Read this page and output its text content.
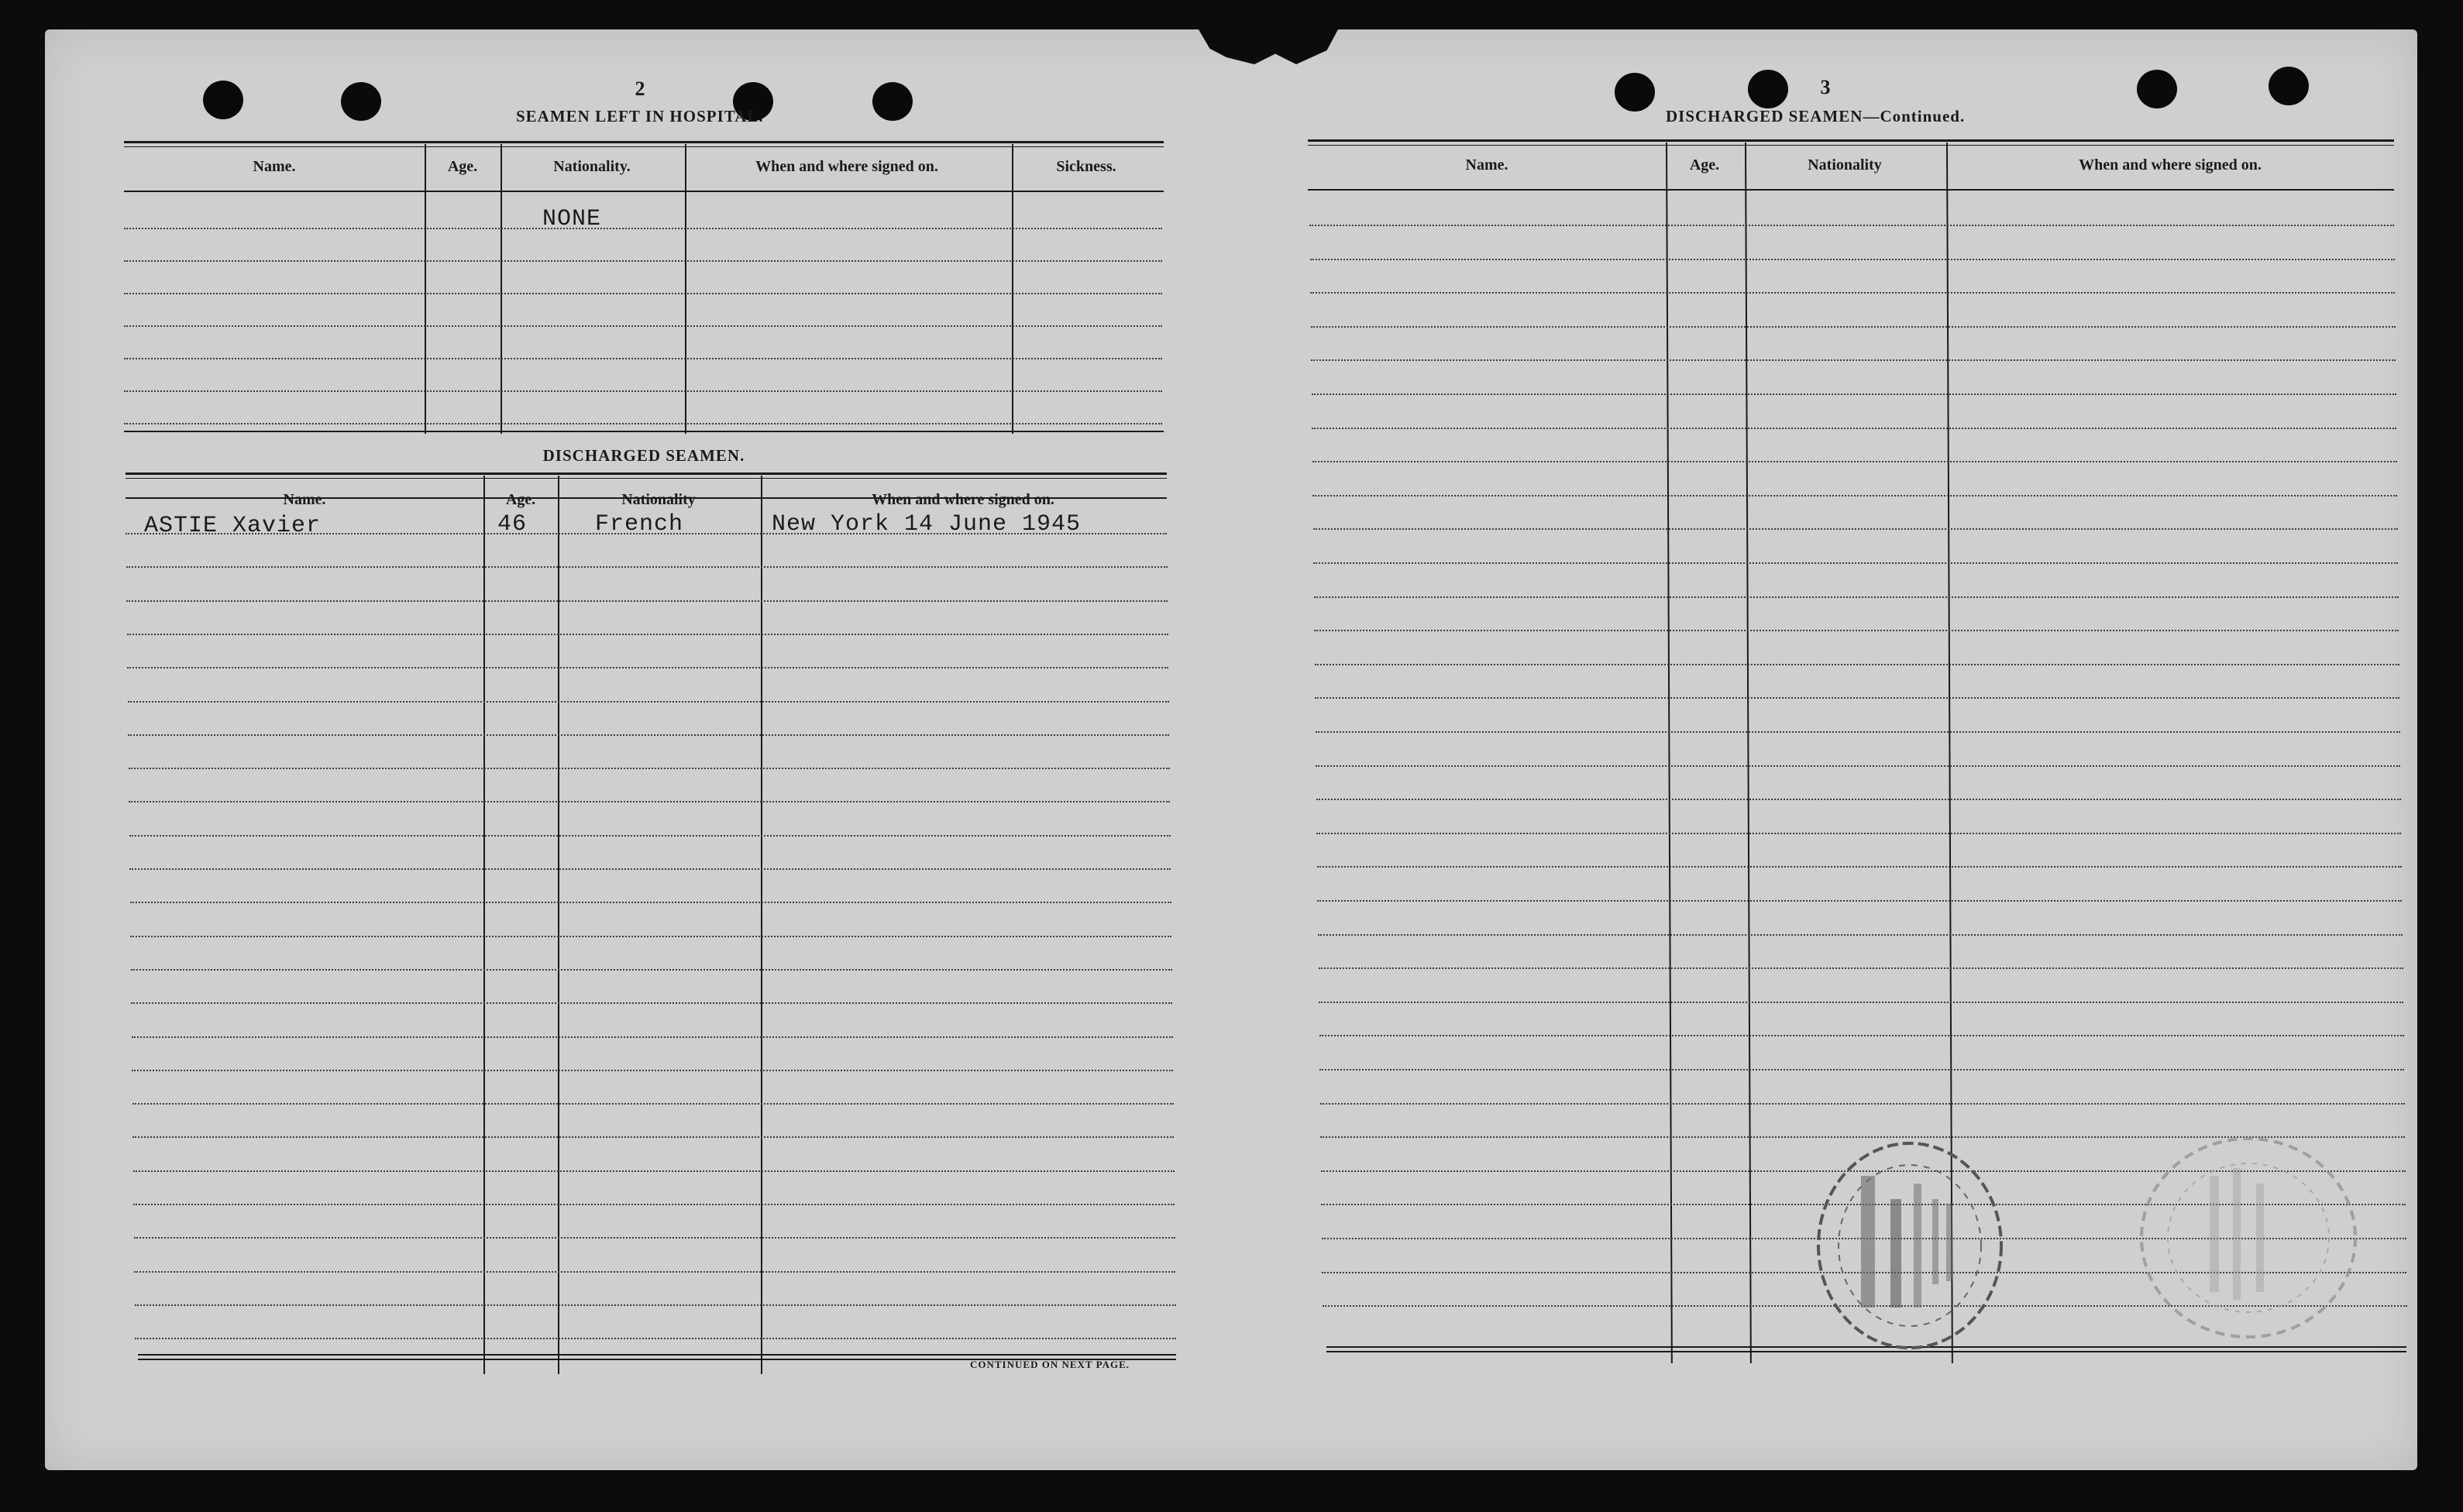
2
SEAMEN LEFT IN HOSPITAL.
Name.	Age.	Nationality.	When and where signed on.	Sickness.
NONE
DISCHARGED SEAMEN.
Name.	Age.	Nationality	When and where signed on.
ASTIE Xavier	46	French	New York 14 June 1945
CONTINUED ON NEXT PAGE.
3
DISCHARGED SEAMEN—Continued.
Name.	Age.	Nationality	When and where signed on.
